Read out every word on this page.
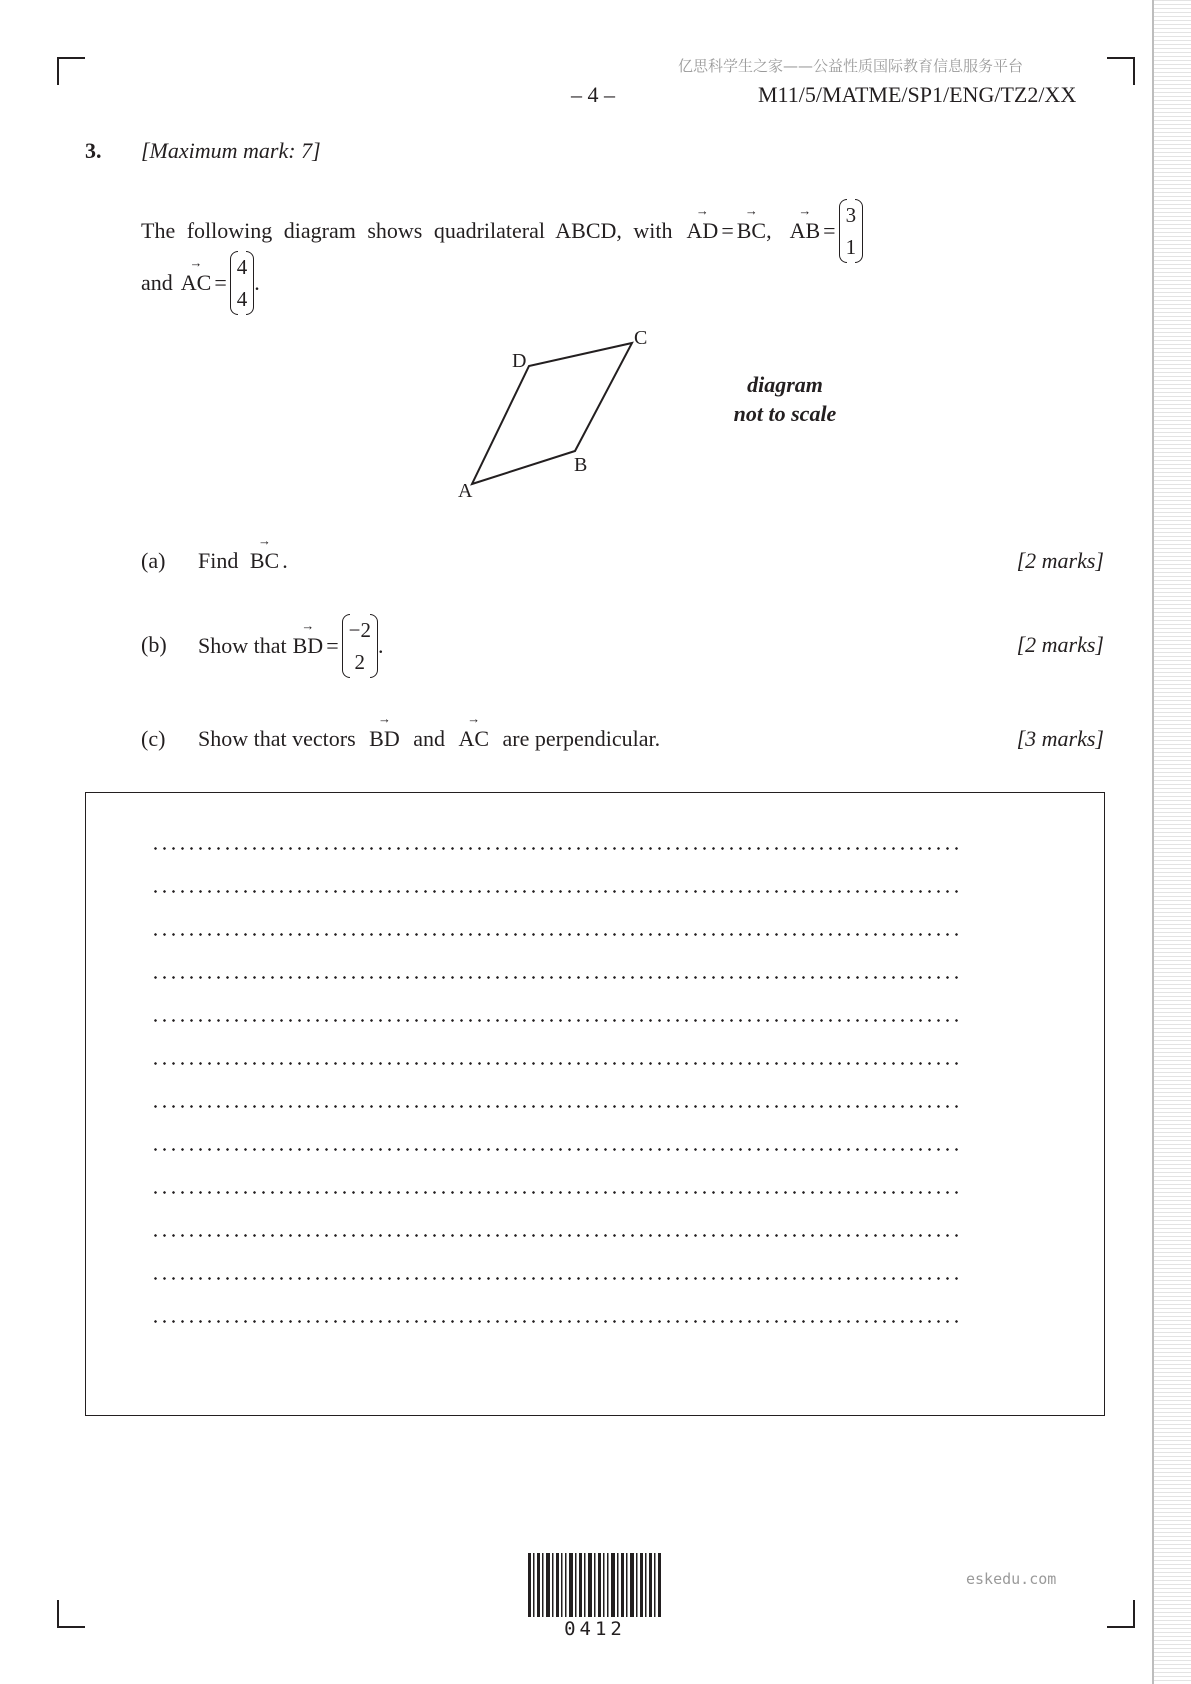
亿思科学生之家——公益性质国际教育信息服务平台
– 4 –	M11/5/MATME/SP1/ENG/TZ2/XX
3. [Maximum mark: 7]
The following diagram shows quadrilateral ABCD, with → AD = → BC , → AB =
3
1
and → AC =
4
4
.
A
B
C
D
diagram
not to scale
(a) Find → BC .	[2 marks]
(b) Show that → BD =
−2
2
.	[2 marks]
(c) Show that vectors → BD and → AC are perpendicular.	[3 marks]
0412
eskedu.com
